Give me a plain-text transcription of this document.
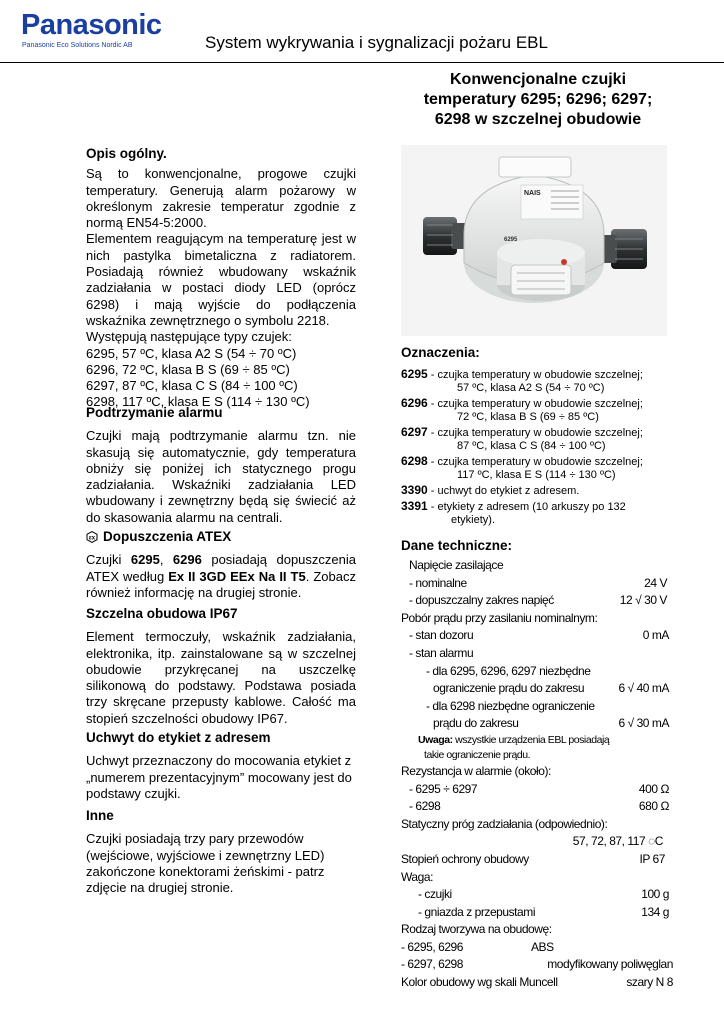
Panasonic
Panasonic Eco Solutions Nordic AB	System wykrywania i sygnalizacji pożaru EBL
Konwencjonalne czujki
temperatury 6295; 6296; 6297;
6298 w szczelnej obudowie
Opis ogólny.

Są to konwencjonalne, progowe czujki temperatury. Generują alarm pożarowy w określonym zakresie temperatur zgodnie z normą EN54-5:2000.

Elementem reagującym na temperaturę jest w nich pastylka bimetaliczna z radiatorem. Posiadają również wbudowany wskaźnik zadziałania w postaci diody LED (oprócz 6298) i mają wyjście do podłączenia wskaźnika zewnętrznego o symbolu 2218.

Występują następujące typy czujek:

6295, 57 ºC, klasa A2 S (54 ÷ 70 ºC)

6296, 72 ºC, klasa B S (69 ÷ 85 ºC)

6297, 87 ºC, klasa C S (84 ÷ 100 ºC)

6298, 117 ºC, klasa E S (114 ÷ 130 ºC)

Podtrzymanie alarmu

Czujki mają podtrzymanie alarmu tzn. nie skasują się automatycznie, gdy temperatura obniży się poniżej ich statycznego progu zadziałania. Wskaźniki zadziałania LED wbudowany i zewnętrzny będą się świecić aż do skasowania alarmu na centrali.

εx Dopuszczenia ATEX

Czujki 6295, 6296 posiadają dopuszczenia ATEX według Ex II 3GD EEx Na II T5. Zobacz również informację na drugiej stronie.

Szczelna obudowa IP67

Element termoczuły, wskaźnik zadziałania, elektronika, itp. zainstalowane są w szczelnej obudowie przykręcanej na uszczelkę silikonową do podstawy. Podstawa posiada trzy skręcane przepusty kablowe. Całość ma stopień szczelności obudowy IP67.

Uchwyt do etykiet z adresem

Uchwyt przeznaczony do mocowania etykiet z „numerem prezentacyjnym” mocowany jest do podstawy czujki.

Inne

Czujki posiadają trzy pary przewodów (wejściowe, wyjściowe i zewnętrzny LED) zakończone konektorami żeńskimi - patrz zdjęcie na drugiej stronie.

NAIS
6295
Oznaczenia:
6295 - czujka temperatury w obudowie szczelnej;
57 ºC, klasa A2 S (54 ÷ 70 ºC)
6296 - czujka temperatury w obudowie szczelnej;
72 ºC, klasa B S (69 ÷ 85 ºC)
6297 - czujka temperatury w obudowie szczelnej;
87 ºC, klasa C S (84 ÷ 100 ºC)
6298 - czujka temperatury w obudowie szczelnej;
117 ºC, klasa E S (114 ÷ 130 ºC)
3390 - uchwyt do etykiet z adresem.
3391 - etykiety z adresem (10 arkuszy po 132
etykiety).
Dane techniczne:
Napięcie zasilające
- nominalne	24 V
- dopuszczalny zakres napięć	12 √ 30 V
Pobór prądu przy zasilaniu nominalnym:
- stan dozoru	0 mA
- stan alarmu
- dla 6295, 6296, 6297 niezbędne
ograniczenie prądu do zakresu	6 √ 40 mA
- dla 6298 niezbędne ograniczenie
prądu do zakresu	6 √ 30 mA
Uwaga: wszystkie urządzenia EBL posiadają
takie ograniczenie prądu.
Rezystancja w alarmie (około):
- 6295 ÷ 6297	400 Ω
- 6298	680 Ω
Statyczny próg zadziałania (odpowiednio):
57, 72, 87, 117 ◌C
Stopień ochrony obudowy	IP 67
Waga:
- czujki	100 g
- gniazda z przepustami	134 g
Rodzaj tworzywa na obudowę:
- 6295, 6296	ABS
- 6297, 6298	modyfikowany poliwęglan
Kolor obudowy wg skali Muncell	szary N 8
